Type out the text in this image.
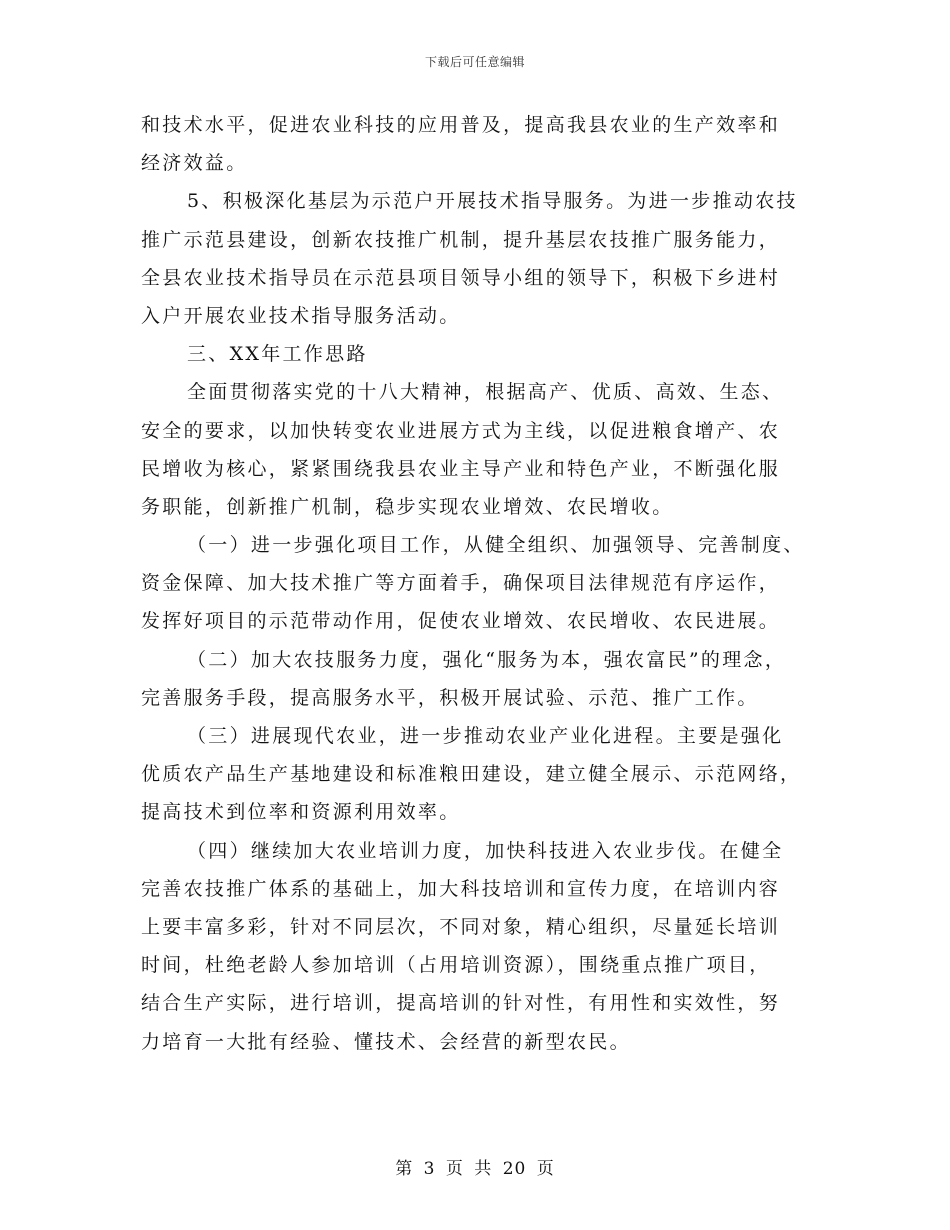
下载后可任意编辑
和技术水平，促进农业科技的应用普及，提高我县农业的生产效率和
经济效益。
5、积极深化基层为示范户开展技术指导服务。为进一步推动农技
推广示范县建设，创新农技推广机制，提升基层农技推广服务能力，
全县农业技术指导员在示范县项目领导小组的领导下，积极下乡进村
入户开展农业技术指导服务活动。
三、XX年工作思路
全面贯彻落实党的十八大精神，根据高产、优质、高效、生态、
安全的要求，以加快转变农业进展方式为主线，以促进粮食增产、农
民增收为核心，紧紧围绕我县农业主导产业和特色产业，不断强化服
务职能，创新推广机制，稳步实现农业增效、农民增收。
（一）进一步强化项目工作，从健全组织、加强领导、完善制度、
资金保障、加大技术推广等方面着手，确保项目法律规范有序运作，
发挥好项目的示范带动作用，促使农业增效、农民增收、农民进展。
（二）加大农技服务力度，强化“服务为本，强农富民”的理念，
完善服务手段，提高服务水平，积极开展试验、示范、推广工作。
（三）进展现代农业，进一步推动农业产业化进程。主要是强化
优质农产品生产基地建设和标准粮田建设，建立健全展示、示范网络，
提高技术到位率和资源利用效率。
（四）继续加大农业培训力度，加快科技进入农业步伐。在健全
完善农技推广体系的基础上，加大科技培训和宣传力度，在培训内容
上要丰富多彩，针对不同层次，不同对象，精心组织，尽量延长培训
时间，杜绝老龄人参加培训（占用培训资源），围绕重点推广项目，
结合生产实际，进行培训，提高培训的针对性，有用性和实效性，努
力培育一大批有经验、懂技术、会经营的新型农民。
第 3 页 共 20 页
